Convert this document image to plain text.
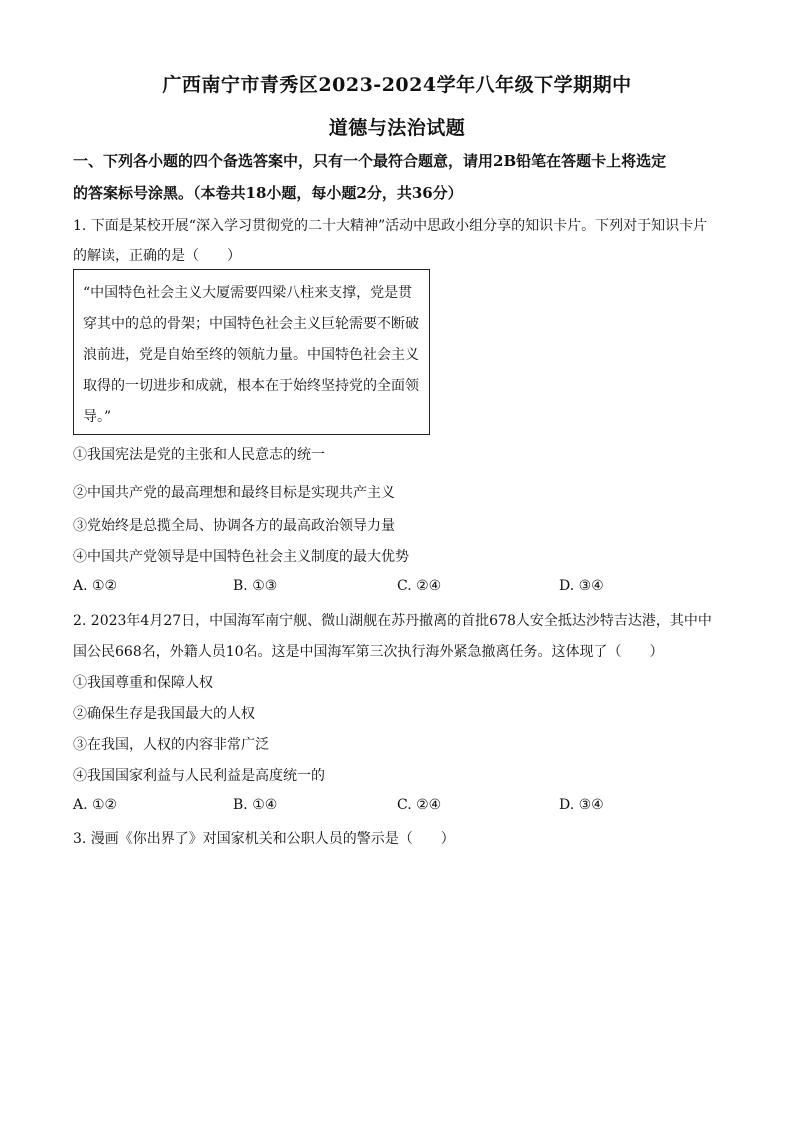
广西南宁市青秀区2023-2024学年八年级下学期期中
道德与法治试题
一、下列各小题的四个备选答案中，只有一个最符合题意，请用2B铅笔在答题卡上将选定
的答案标号涂黑。（本卷共18小题，每小题2分，共36分）
1. 下面是某校开展“深入学习贯彻党的二十大精神”活动中思政小组分享的知识卡片。下列对于知识卡片
的解读，正确的是（　　）
“中国特色社会主义大厦需要四梁八柱来支撑，党是贯
穿其中的总的骨架；中国特色社会主义巨轮需要不断破
浪前进，党是自始至终的领航力量。中国特色社会主义
取得的一切进步和成就，根本在于始终坚持党的全面领
导。”
①我国宪法是党的主张和人民意志的统一
②中国共产党的最高理想和最终目标是实现共产主义
③党始终是总揽全局、协调各方的最高政治领导力量
④中国共产党领导是中国特色社会主义制度的最大优势
A. ①②	B. ①③	C. ②④	D. ③④
2. 2023年4月27日，中国海军南宁舰、微山湖舰在苏丹撤离的首批678人安全抵达沙特吉达港，其中中
国公民668名，外籍人员10名。这是中国海军第三次执行海外紧急撤离任务。这体现了（　　）
①我国尊重和保障人权
②确保生存是我国最大的人权
③在我国，人权的内容非常广泛
④我国国家利益与人民利益是高度统一的
A. ①②	B. ①④	C. ②④	D. ③④
3. 漫画《你出界了》对国家机关和公职人员的警示是（　　）
